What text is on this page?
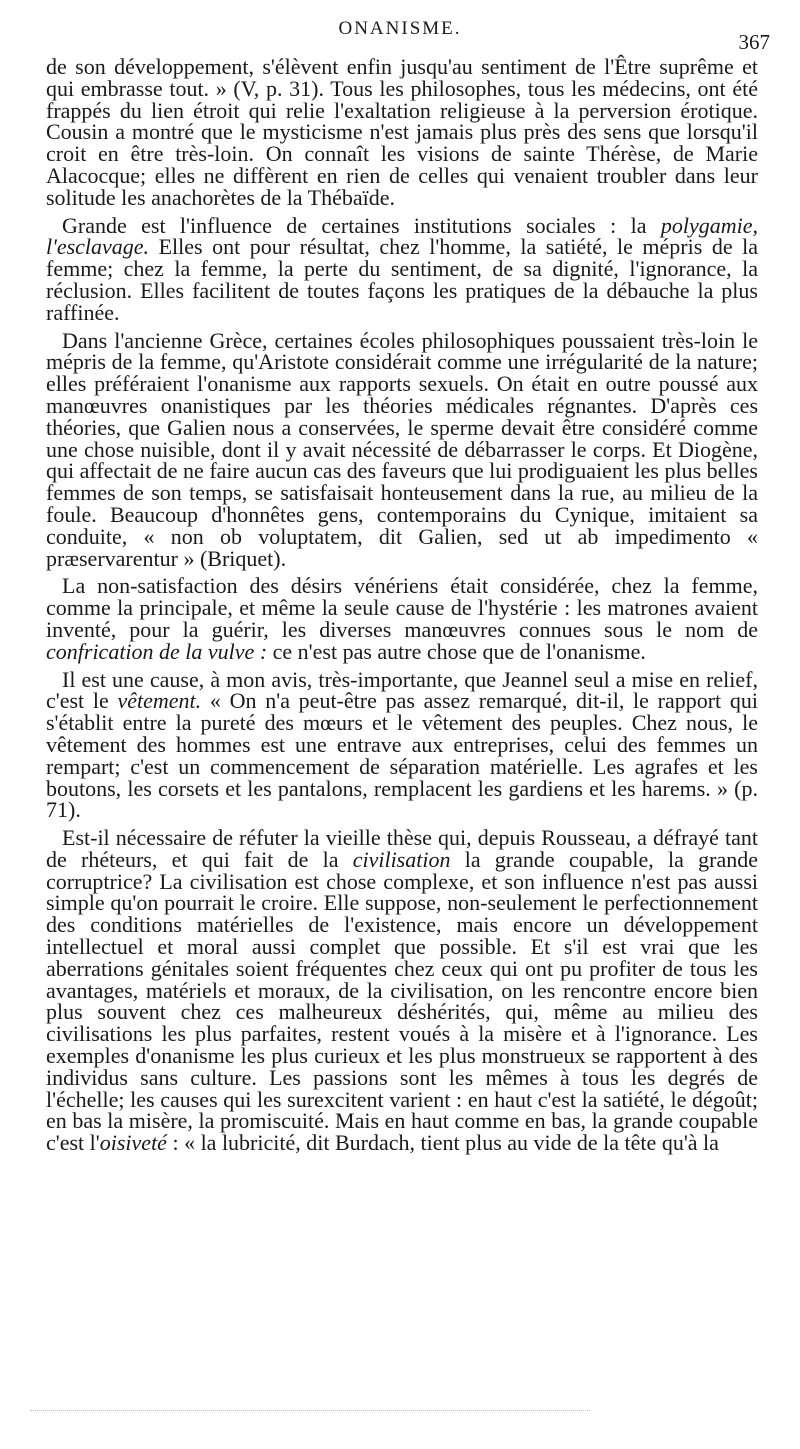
ONANISME.
367

de son développement, s'élèvent enfin jusqu'au sentiment de l'Être suprême et qui embrasse tout. » (V, p. 31). Tous les philosophes, tous les médecins, ont été frappés du lien étroit qui relie l'exaltation religieuse à la perversion érotique. Cousin a montré que le mysticisme n'est jamais plus près des sens que lorsqu'il croit en être très-loin. On connaît les visions de sainte Thérèse, de Marie Alacocque; elles ne diffèrent en rien de celles qui venaient troubler dans leur solitude les anachorètes de la Thébaïde.

Grande est l'influence de certaines institutions sociales : la polygamie, l'esclavage. Elles ont pour résultat, chez l'homme, la satiété, le mépris de la femme; chez la femme, la perte du sentiment, de sa dignité, l'ignorance, la réclusion. Elles facilitent de toutes façons les pratiques de la débauche la plus raffinée.

Dans l'ancienne Grèce, certaines écoles philosophiques poussaient très-loin le mépris de la femme, qu'Aristote considérait comme une irrégularité de la nature; elles préféraient l'onanisme aux rapports sexuels. On était en outre poussé aux manœuvres onanistiques par les théories médicales régnantes. D'après ces théories, que Galien nous a conservées, le sperme devait être considéré comme une chose nuisible, dont il y avait nécessité de débarrasser le corps. Et Diogène, qui affectait de ne faire aucun cas des faveurs que lui prodiguaient les plus belles femmes de son temps, se satisfaisait honteusement dans la rue, au milieu de la foule. Beaucoup d'honnêtes gens, contemporains du Cynique, imitaient sa conduite, « non ob voluptatem, dit Galien, sed ut ab impedimento « præservarentur » (Briquet).

La non-satisfaction des désirs vénériens était considérée, chez la femme, comme la principale, et même la seule cause de l'hystérie : les matrones avaient inventé, pour la guérir, les diverses manœuvres connues sous le nom de confrication de la vulve : ce n'est pas autre chose que de l'onanisme.

Il est une cause, à mon avis, très-importante, que Jeannel seul a mise en relief, c'est le vêtement. « On n'a peut-être pas assez remarqué, dit-il, le rapport qui s'établit entre la pureté des mœurs et le vêtement des peuples. Chez nous, le vêtement des hommes est une entrave aux entreprises, celui des femmes un rempart; c'est un commencement de séparation matérielle. Les agrafes et les boutons, les corsets et les pantalons, remplacent les gardiens et les harems. » (p. 71).

Est-il nécessaire de réfuter la vieille thèse qui, depuis Rousseau, a défrayé tant de rhéteurs, et qui fait de la civilisation la grande coupable, la grande corruptrice? La civilisation est chose complexe, et son influence n'est pas aussi simple qu'on pourrait le croire. Elle suppose, non-seulement le perfectionnement des conditions matérielles de l'existence, mais encore un développement intellectuel et moral aussi complet que possible. Et s'il est vrai que les aberrations génitales soient fréquentes chez ceux qui ont pu profiter de tous les avantages, matériels et moraux, de la civilisation, on les rencontre encore bien plus souvent chez ces malheureux déshérités, qui, même au milieu des civilisations les plus parfaites, restent voués à la misère et à l'ignorance. Les exemples d'onanisme les plus curieux et les plus monstrueux se rapportent à des individus sans culture. Les passions sont les mêmes à tous les degrés de l'échelle; les causes qui les surexcitent varient : en haut c'est la satiété, le dégoût; en bas la misère, la promiscuité. Mais en haut comme en bas, la grande coupable c'est l'oisiveté : « la lubricité, dit Burdach, tient plus au vide de la tête qu'à la
